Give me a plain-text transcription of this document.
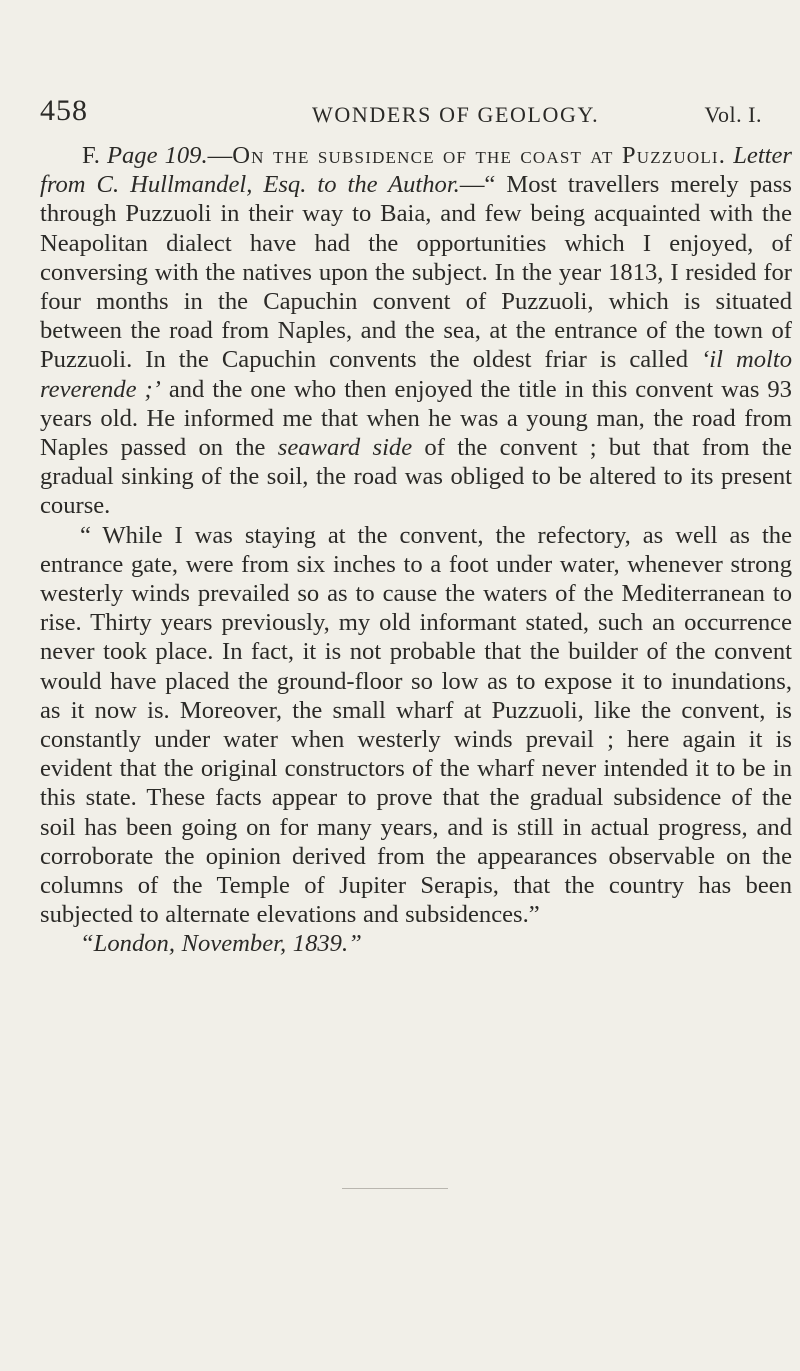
458	WONDERS OF GEOLOGY.	Vol. I.

F. Page 109.—On the subsidence of the coast at Puzzuoli. Letter from C. Hullmandel, Esq. to the Author.—“ Most travellers merely pass through Puzzuoli in their way to Baia, and few being acquainted with the Neapolitan dialect have had the opportunities which I enjoyed, of conversing with the natives upon the subject. In the year 1813, I resided for four months in the Capuchin convent of Puzzuoli, which is situated between the road from Naples, and the sea, at the entrance of the town of Puzzuoli. In the Capuchin convents the oldest friar is called ‘il molto reverende ;’ and the one who then enjoyed the title in this convent was 93 years old. He informed me that when he was a young man, the road from Naples passed on the seaward side of the convent ; but that from the gradual sinking of the soil, the road was obliged to be altered to its present course.

“ While I was staying at the convent, the refectory, as well as the entrance gate, were from six inches to a foot under water, whenever strong westerly winds prevailed so as to cause the waters of the Mediterranean to rise. Thirty years previously, my old informant stated, such an occurrence never took place. In fact, it is not probable that the builder of the convent would have placed the ground-floor so low as to expose it to inundations, as it now is. Moreover, the small wharf at Puzzuoli, like the convent, is constantly under water when westerly winds prevail ; here again it is evident that the original constructors of the wharf never intended it to be in this state. These facts appear to prove that the gradual subsidence of the soil has been going on for many years, and is still in actual progress, and corroborate the opinion derived from the appearances observable on the columns of the Temple of Jupiter Serapis, that the country has been subjected to alternate elevations and subsidences.”

“London, November, 1839.”
